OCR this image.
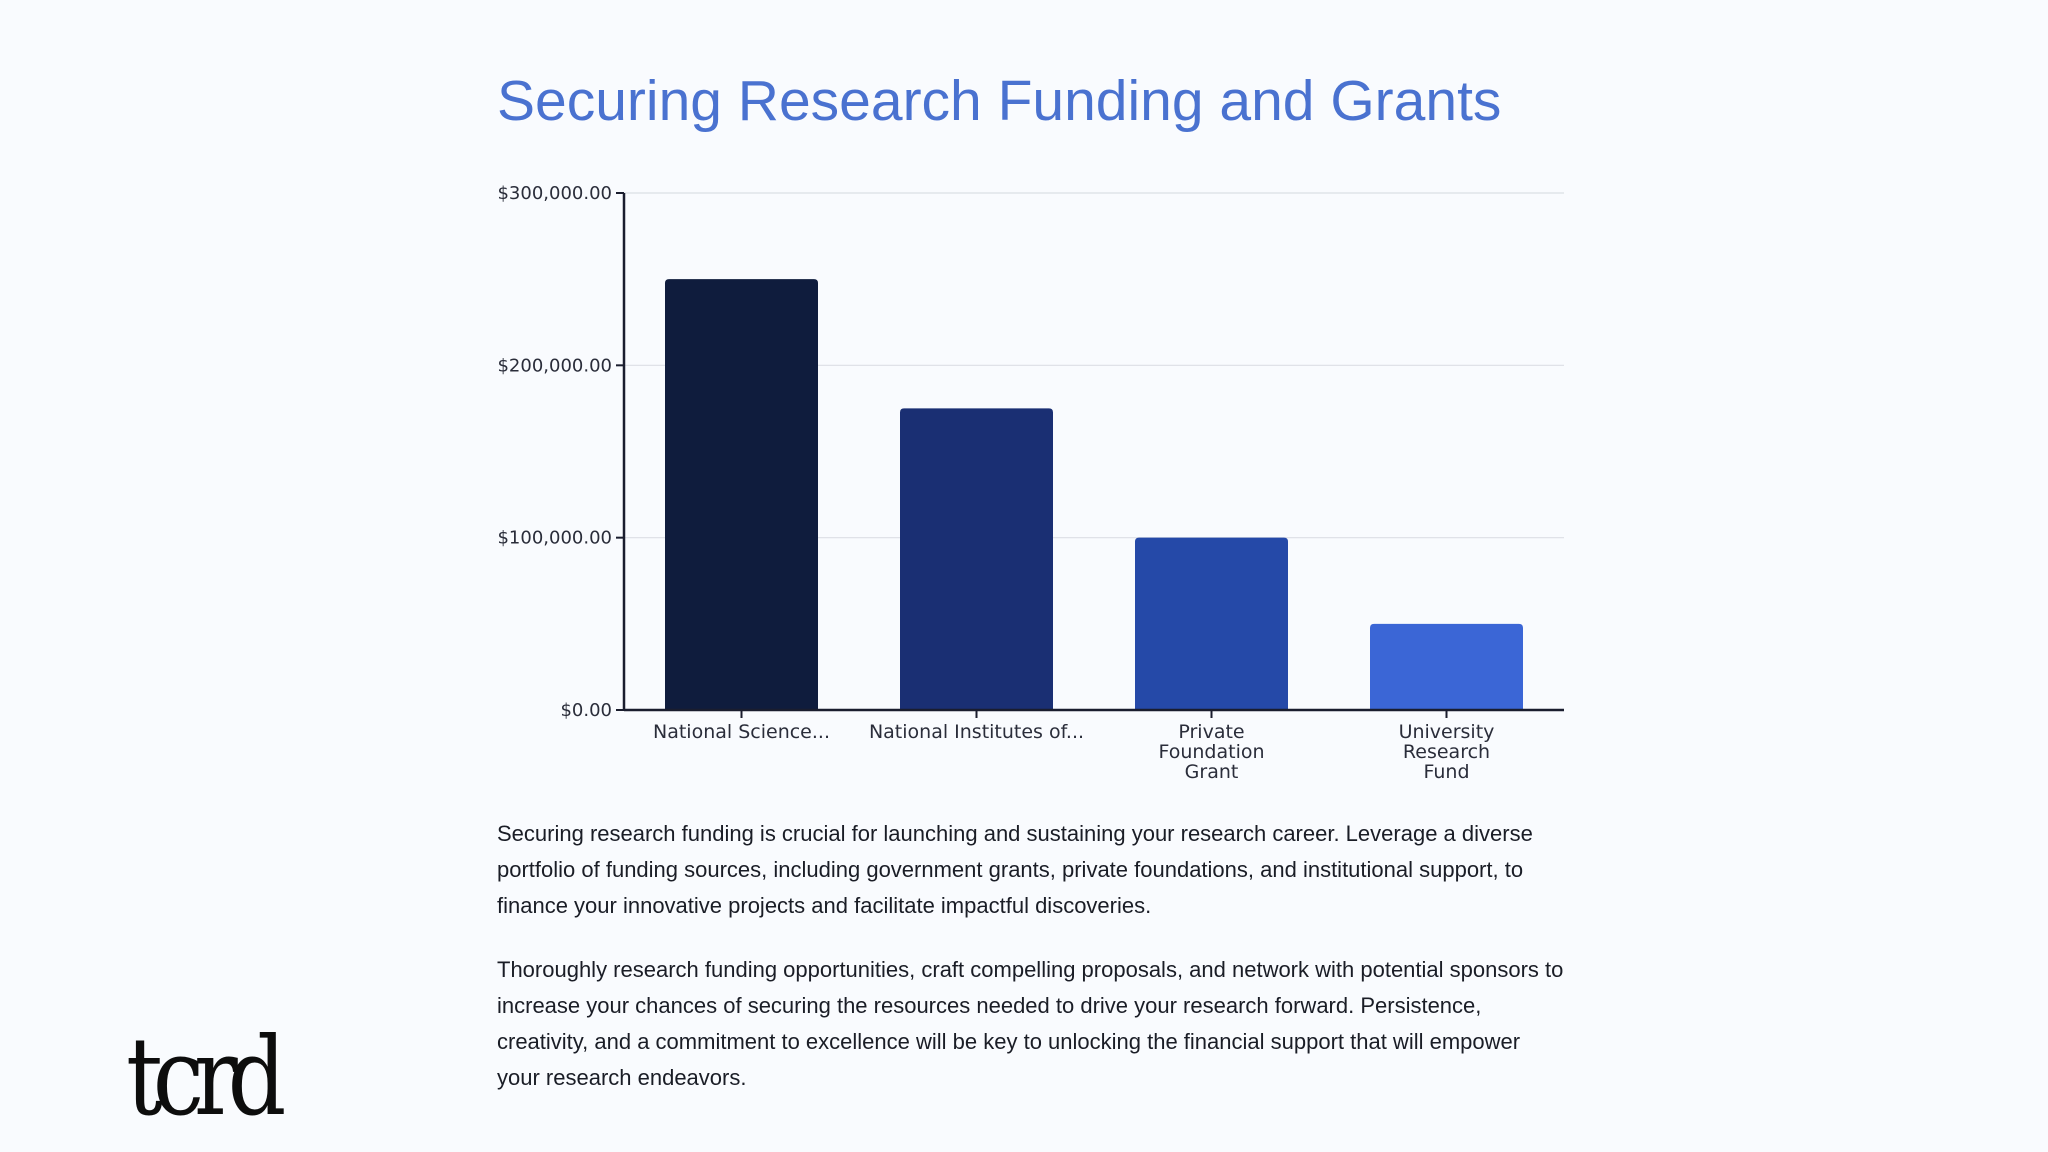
Securing Research Funding and Grants
$0.00
$100,000.00
$200,000.00
$300,000.00
National Science... National Institutes of...	Private Foundation Grant
University Research Fund

Securing research funding is crucial for launching and sustaining your research career. Leverage a diverse portfolio of funding sources, including government grants, private foundations, and institutional support, to finance your innovative projects and facilitate impactful discoveries.

Thoroughly research funding opportunities, craft compelling proposals, and network with potential sponsors to increase your chances of securing the resources needed to drive your research forward. Persistence, creativity, and a commitment to excellence will be key to unlocking the financial support that will empower your research endeavors.

tcrd
